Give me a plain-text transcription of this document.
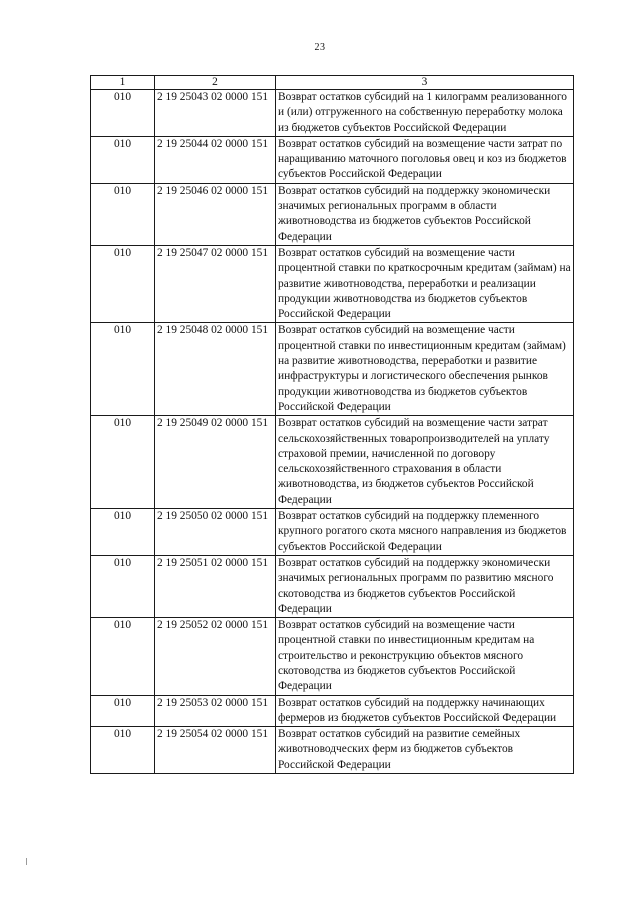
23
1	2	3
010	2 19 25043 02 0000 151	Возврат остатков субсидий на 1 килограмм реализованного и (или) отгруженного на собственную переработку молока из бюджетов субъектов Российской Федерации
010	2 19 25044 02 0000 151	Возврат остатков субсидий на возмещение части затрат по наращиванию маточного поголовья овец и коз из бюджетов субъектов Российской Федерации
010	2 19 25046 02 0000 151	Возврат остатков субсидий на поддержку экономически значимых региональных программ в области животноводства из бюджетов субъектов Российской Федерации
010	2 19 25047 02 0000 151	Возврат остатков субсидий на возмещение части процентной ставки по краткосрочным кредитам (займам) на развитие животноводства, переработки и реализации продукции животноводства из бюджетов субъектов Российской Федерации
010	2 19 25048 02 0000 151	Возврат остатков субсидий на возмещение части процентной ставки по инвестиционным кредитам (займам) на развитие животноводства, переработки и развитие инфраструктуры и логистического обеспечения рынков продукции животноводства из бюджетов субъектов Российской Федерации
010	2 19 25049 02 0000 151	Возврат остатков субсидий на возмещение части затрат сельскохозяйственных товаропроизводителей на уплату страховой премии, начисленной по договору сельскохозяйственного страхования в области животноводства, из бюджетов субъектов Российской Федерации
010	2 19 25050 02 0000 151	Возврат остатков субсидий на поддержку племенного крупного рогатого скота мясного направления из бюджетов субъектов Российской Федерации
010	2 19 25051 02 0000 151	Возврат остатков субсидий на поддержку экономически значимых региональных программ по развитию мясного скотоводства из бюджетов субъектов Российской Федерации
010	2 19 25052 02 0000 151	Возврат остатков субсидий на возмещение части процентной ставки по инвестиционным кредитам на строительство и реконструкцию объектов мясного скотоводства из бюджетов субъектов Российской Федерации
010	2 19 25053 02 0000 151	Возврат остатков субсидий на поддержку начинающих фермеров из бюджетов субъектов Российской Федерации
010	2 19 25054 02 0000 151	Возврат остатков субсидий на развитие семейных животноводческих ферм из бюджетов субъектов Российской Федерации
